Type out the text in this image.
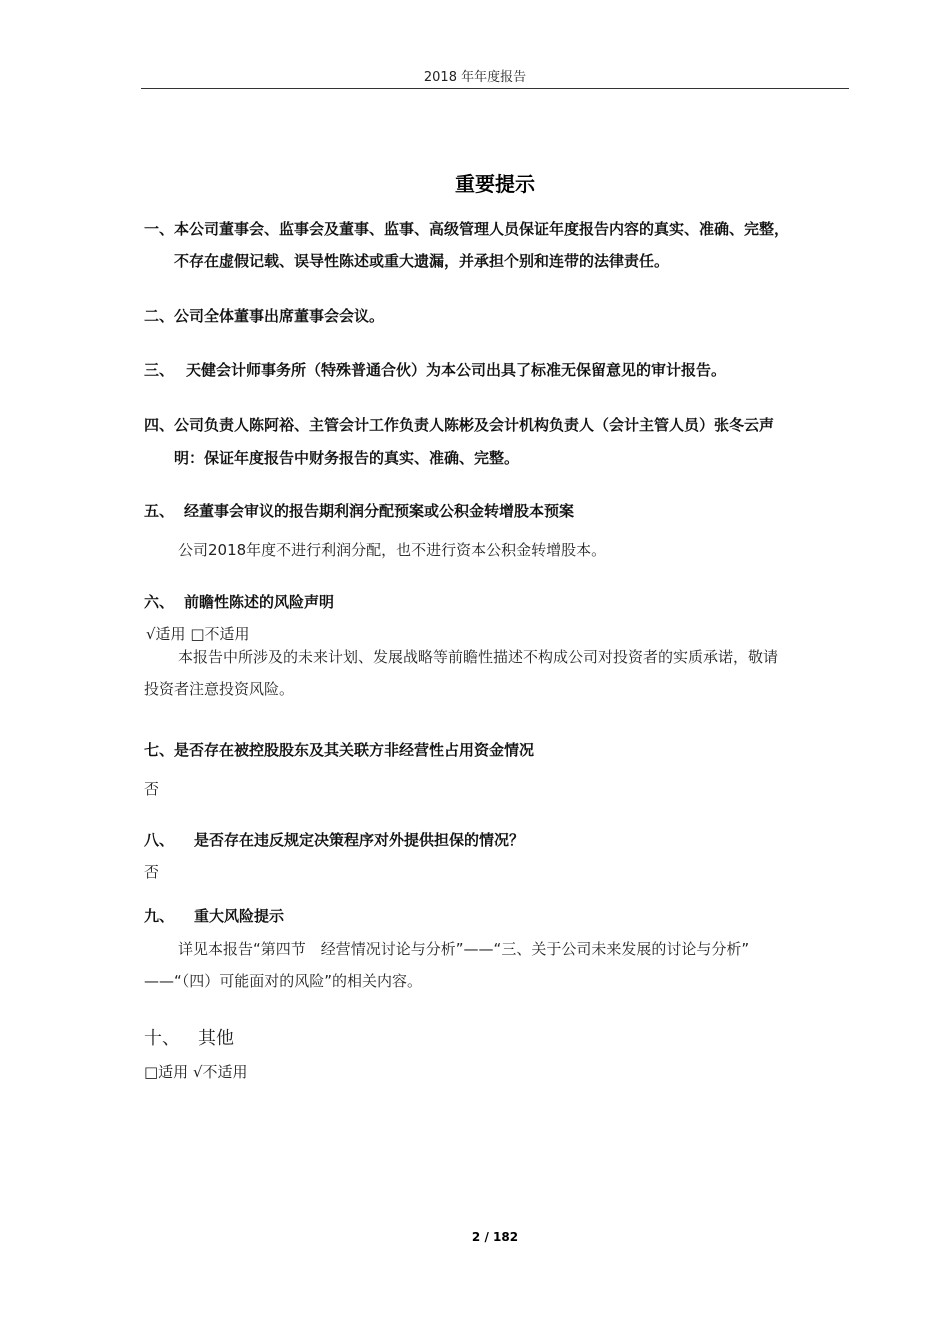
2018 年年度报告
重要提示
一、本公司董事会、监事会及董事、监事、高级管理人员保证年度报告内容的真实、准确、完整，
不存在虚假记载、误导性陈述或重大遗漏，并承担个别和连带的法律责任。
二、公司全体董事出席董事会会议。
三、 天健会计师事务所（特殊普通合伙）为本公司出具了标准无保留意见的审计报告。
四、公司负责人陈阿裕、主管会计工作负责人陈彬及会计机构负责人（会计主管人员）张冬云声
明：保证年度报告中财务报告的真实、准确、完整。
五、 经董事会审议的报告期利润分配预案或公积金转增股本预案
公司2018年度不进行利润分配，也不进行资本公积金转增股本。
六、 前瞻性陈述的风险声明
√适用 □不适用
本报告中所涉及的未来计划、发展战略等前瞻性描述不构成公司对投资者的实质承诺，敬请
投资者注意投资风险。
七、是否存在被控股股东及其关联方非经营性占用资金情况
否
八、 是否存在违反规定决策程序对外提供担保的情况？
否
九、 重大风险提示
详见本报告“第四节　经营情况讨论与分析”——“三、关于公司未来发展的讨论与分析”
——“（四）可能面对的风险”的相关内容。
十、 其他
□适用 √不适用
2 / 182
